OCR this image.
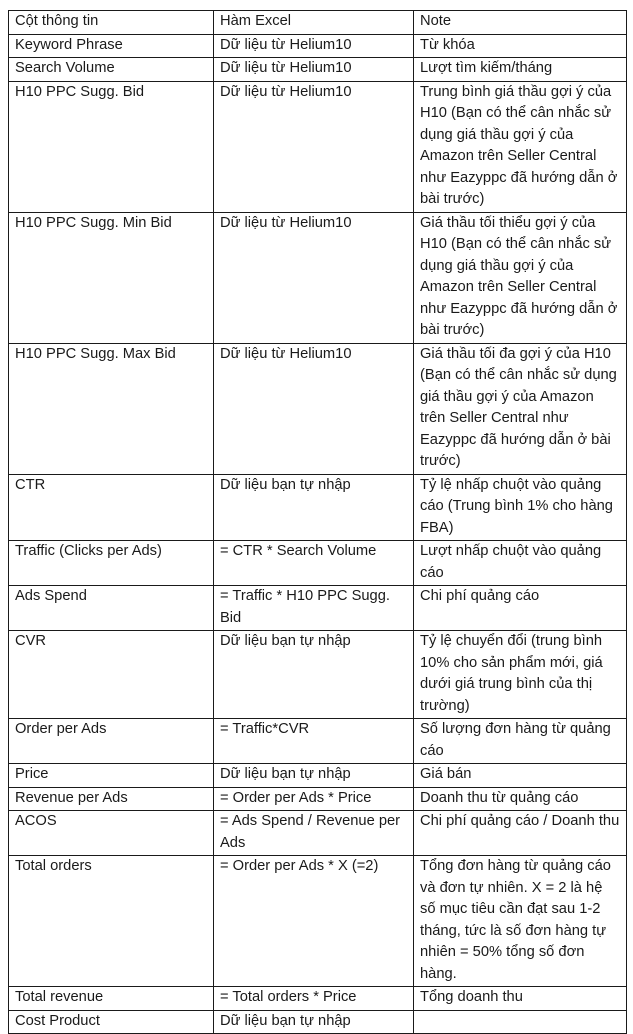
Cột thông tin	Hàm Excel	Note
Keyword Phrase	Dữ liệu từ Helium10	Từ khóa
Search Volume	Dữ liệu từ Helium10	Lượt tìm kiếm/tháng
H10 PPC Sugg. Bid	Dữ liệu từ Helium10	Trung bình giá thầu gợi ý của H10 (Bạn có thể cân nhắc sử dụng giá thầu gợi ý của Amazon trên Seller Central như Eazyppc đã hướng dẫn ở bài trước)
H10 PPC Sugg. Min Bid	Dữ liệu từ Helium10	Giá thầu tối thiểu gợi ý của H10 (Bạn có thể cân nhắc sử dụng giá thầu gợi ý của Amazon trên Seller Central như Eazyppc đã hướng dẫn ở bài trước)
H10 PPC Sugg. Max Bid	Dữ liệu từ Helium10	Giá thầu tối đa gợi ý của H10 (Bạn có thể cân nhắc sử dụng giá thầu gợi ý của Amazon trên Seller Central như Eazyppc đã hướng dẫn ở bài trước)
CTR	Dữ liệu bạn tự nhập	Tỷ lệ nhấp chuột vào quảng cáo (Trung bình 1% cho hàng FBA)
Traffic (Clicks per Ads)	= CTR * Search Volume	Lượt nhấp chuột vào quảng cáo
Ads Spend	= Traffic * H10 PPC Sugg. Bid	Chi phí quảng cáo
CVR	Dữ liệu bạn tự nhập	Tỷ lệ chuyển đổi (trung bình 10% cho sản phẩm mới, giá dưới giá trung bình của thị trường)
Order per Ads	= Traffic*CVR	Số lượng đơn hàng từ quảng cáo
Price	Dữ liệu bạn tự nhập	Giá bán
Revenue per Ads	= Order per Ads * Price	Doanh thu từ quảng cáo
ACOS	= Ads Spend / Revenue per Ads	Chi phí quảng cáo / Doanh thu
Total orders	= Order per Ads * X (=2)	Tổng đơn hàng từ quảng cáo và đơn tự nhiên. X = 2 là hệ số mục tiêu cần đạt sau 1-2 tháng, tức là số đơn hàng tự nhiên = 50% tổng số đơn hàng.
Total revenue	= Total orders * Price	Tổng doanh thu
Cost Product	Dữ liệu bạn tự nhập	
